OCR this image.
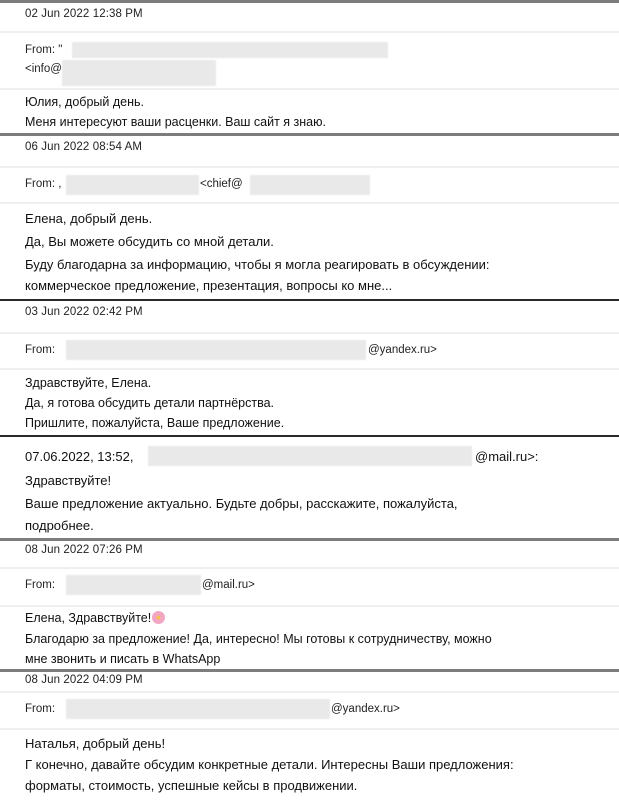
02 Jun 2022 12:38 PM
From: "
<info@
Юлия, добрый день.
Меня интересуют ваши расценки. Ваш сайт я знаю.
06 Jun 2022 08:54 AM
From: ,	<chief@
Елена, добрый день.
Да, Вы можете обсудить со мной детали.
Буду благодарна за информацию, чтобы я могла реагировать в обсуждении:
коммерческое предложение, презентация, вопросы ко мне...
03 Jun 2022 02:42 PM
From:	@yandex.ru>
Здравствуйте, Елена.
Да, я готова обсудить детали партнёрства.
Пришлите, пожалуйста, Ваше предложение.
07.06.2022, 13:52,	@mail.ru>:
Здравствуйте!
Ваше предложение актуально. Будьте добры, расскажите, пожалуйста,
подробнее.
08 Jun 2022 07:26 PM
From:	@mail.ru>
Елена, Здравствуйте!
Благодарю за предложение! Да, интересно! Мы готовы к сотрудничеству, можно
мне звонить и писать в WhatsApp
08 Jun 2022 04:09 PM
From:	@yandex.ru>
Наталья, добрый день!
Г конечно, давайте обсудим конкретные детали. Интересны Ваши предложения:
форматы, стоимость, успешные кейсы в продвижении.
